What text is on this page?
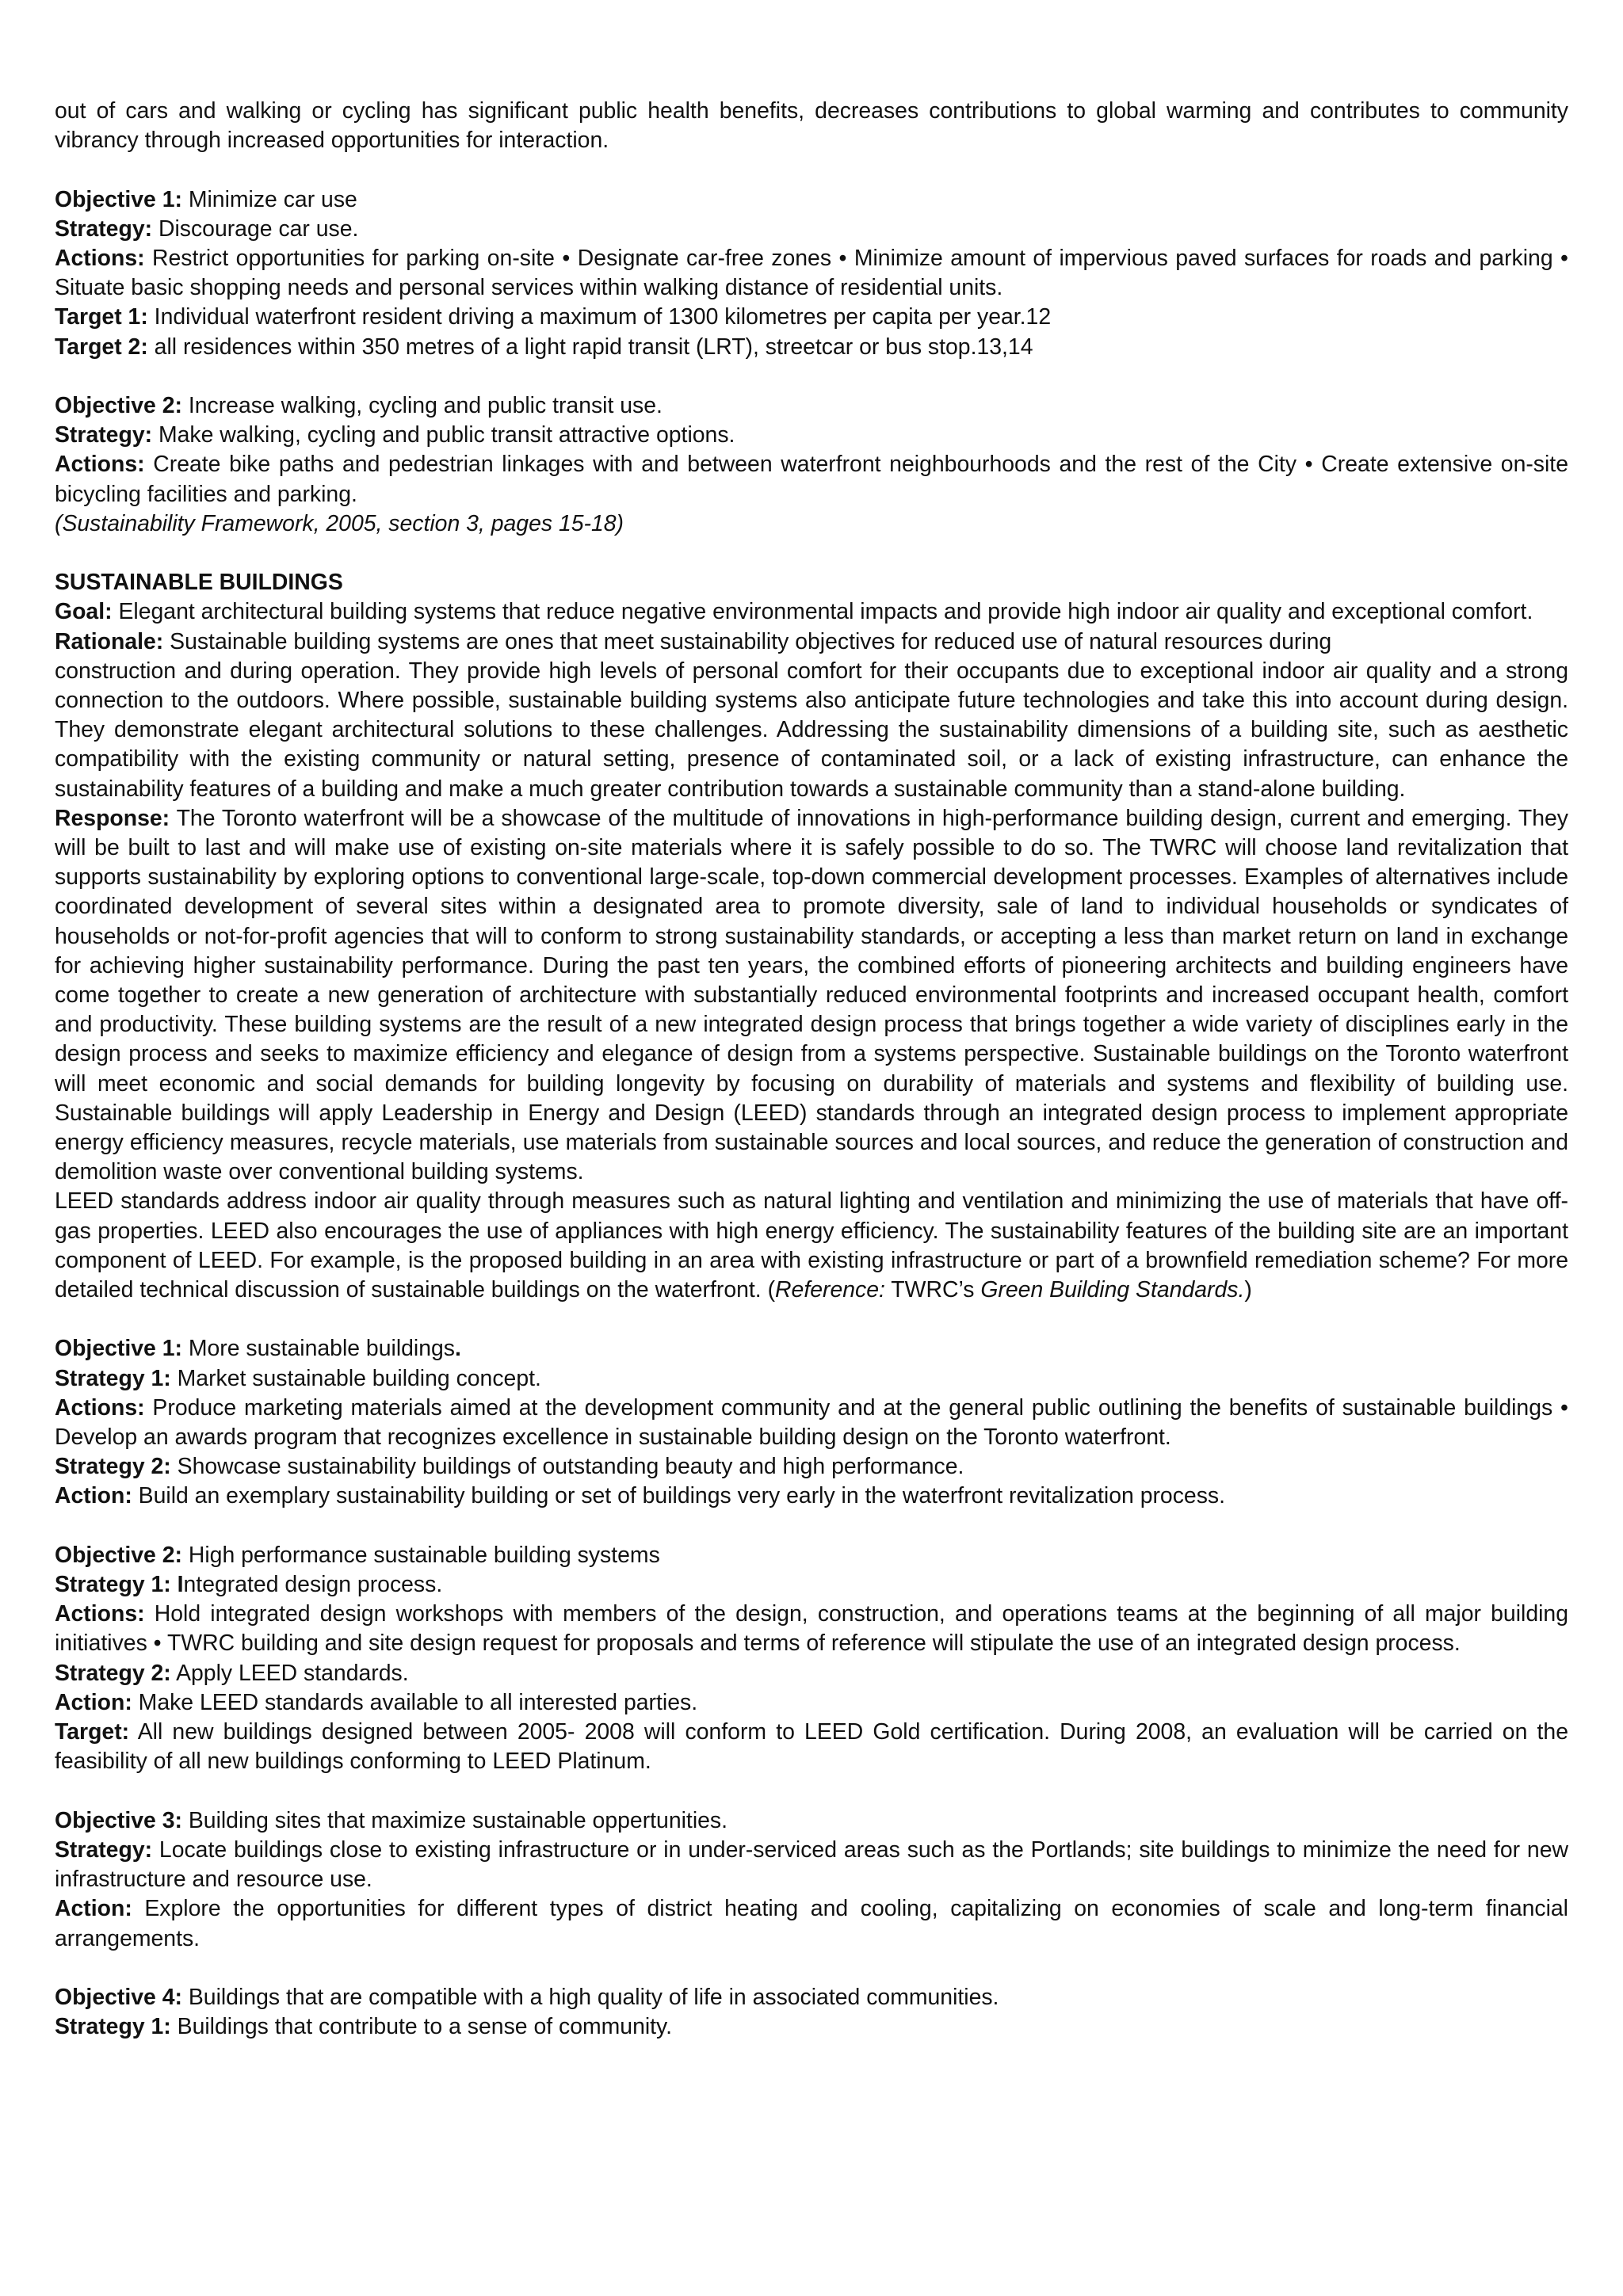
out of cars and walking or cycling has significant public health benefits, decreases contributions to global warming and contributes to community vibrancy through increased opportunities for interaction.

Objective 1: Minimize car use

Strategy: Discourage car use.

Actions: Restrict opportunities for parking on-site • Designate car-free zones • Minimize amount of impervious paved surfaces for roads and parking • Situate basic shopping needs and personal services within walking distance of residential units.

Target 1: Individual waterfront resident driving a maximum of 1300 kilometres per capita per year.12

Target 2: all residences within 350 metres of a light rapid transit (LRT), streetcar or bus stop.13,14

Objective 2: Increase walking, cycling and public transit use.

Strategy: Make walking, cycling and public transit attractive options.

Actions: Create bike paths and pedestrian linkages with and between waterfront neighbourhoods and the rest of the City • Create extensive on-site bicycling facilities and parking.

(Sustainability Framework, 2005, section 3, pages 15-18)

SUSTAINABLE BUILDINGS

Goal: Elegant architectural building systems that reduce negative environmental impacts and provide high indoor air quality and exceptional comfort.

Rationale: Sustainable building systems are ones that meet sustainability objectives for reduced use of natural resources during

construction and during operation. They provide high levels of personal comfort for their occupants due to exceptional indoor air quality and a strong connection to the outdoors. Where possible, sustainable building systems also anticipate future technologies and take this into account during design. They demonstrate elegant architectural solutions to these challenges. Addressing the sustainability dimensions of a building site, such as aesthetic compatibility with the existing community or natural setting, presence of contaminated soil, or a lack of existing infrastructure, can enhance the sustainability features of a building and make a much greater contribution towards a sustainable community than a stand-alone building.

Response: The Toronto waterfront will be a showcase of the multitude of innovations in high-performance building design, current and emerging. They will be built to last and will make use of existing on-site materials where it is safely possible to do so. The TWRC will choose land revitalization that supports sustainability by exploring options to conventional large-scale, top-down commercial development processes. Examples of alternatives include coordinated development of several sites within a designated area to promote diversity, sale of land to individual households or syndicates of households or not-for-profit agencies that will to conform to strong sustainability standards, or accepting a less than market return on land in exchange for achieving higher sustainability performance. During the past ten years, the combined efforts of pioneering architects and building engineers have come together to create a new generation of architecture with substantially reduced environmental footprints and increased occupant health, comfort and productivity. These building systems are the result of a new integrated design process that brings together a wide variety of disciplines early in the design process and seeks to maximize efficiency and elegance of design from a systems perspective. Sustainable buildings on the Toronto waterfront will meet economic and social demands for building longevity by focusing on durability of materials and systems and flexibility of building use. Sustainable buildings will apply Leadership in Energy and Design (LEED) standards through an integrated design process to implement appropriate energy efficiency measures, recycle materials, use materials from sustainable sources and local sources, and reduce the generation of construction and demolition waste over conventional building systems.

LEED standards address indoor air quality through measures such as natural lighting and ventilation and minimizing the use of materials that have off-gas properties. LEED also encourages the use of appliances with high energy efficiency. The sustainability features of the building site are an important component of LEED. For example, is the proposed building in an area with existing infrastructure or part of a brownfield remediation scheme? For more detailed technical discussion of sustainable buildings on the waterfront. (Reference: TWRC’s Green Building Standards.)

Objective 1: More sustainable buildings.

Strategy 1: Market sustainable building concept.

Actions: Produce marketing materials aimed at the development community and at the general public outlining the benefits of sustainable buildings • Develop an awards program that recognizes excellence in sustainable building design on the Toronto waterfront.

Strategy 2: Showcase sustainability buildings of outstanding beauty and high performance.

Action: Build an exemplary sustainability building or set of buildings very early in the waterfront revitalization process.

Objective 2: High performance sustainable building systems

Strategy 1: Integrated design process.

Actions: Hold integrated design workshops with members of the design, construction, and operations teams at the beginning of all major building initiatives • TWRC building and site design request for proposals and terms of reference will stipulate the use of an integrated design process.

Strategy 2: Apply LEED standards.

Action: Make LEED standards available to all interested parties.

Target: All new buildings designed between 2005- 2008 will conform to LEED Gold certification. During 2008, an evaluation will be carried on the feasibility of all new buildings conforming to LEED Platinum.

Objective 3: Building sites that maximize sustainable oppertunities.

Strategy: Locate buildings close to existing infrastructure or in under-serviced areas such as the Portlands; site buildings to minimize the need for new infrastructure and resource use.

Action: Explore the opportunities for different types of district heating and cooling, capitalizing on economies of scale and long-term financial arrangements.

Objective 4: Buildings that are compatible with a high quality of life in associated communities.

Strategy 1: Buildings that contribute to a sense of community.
